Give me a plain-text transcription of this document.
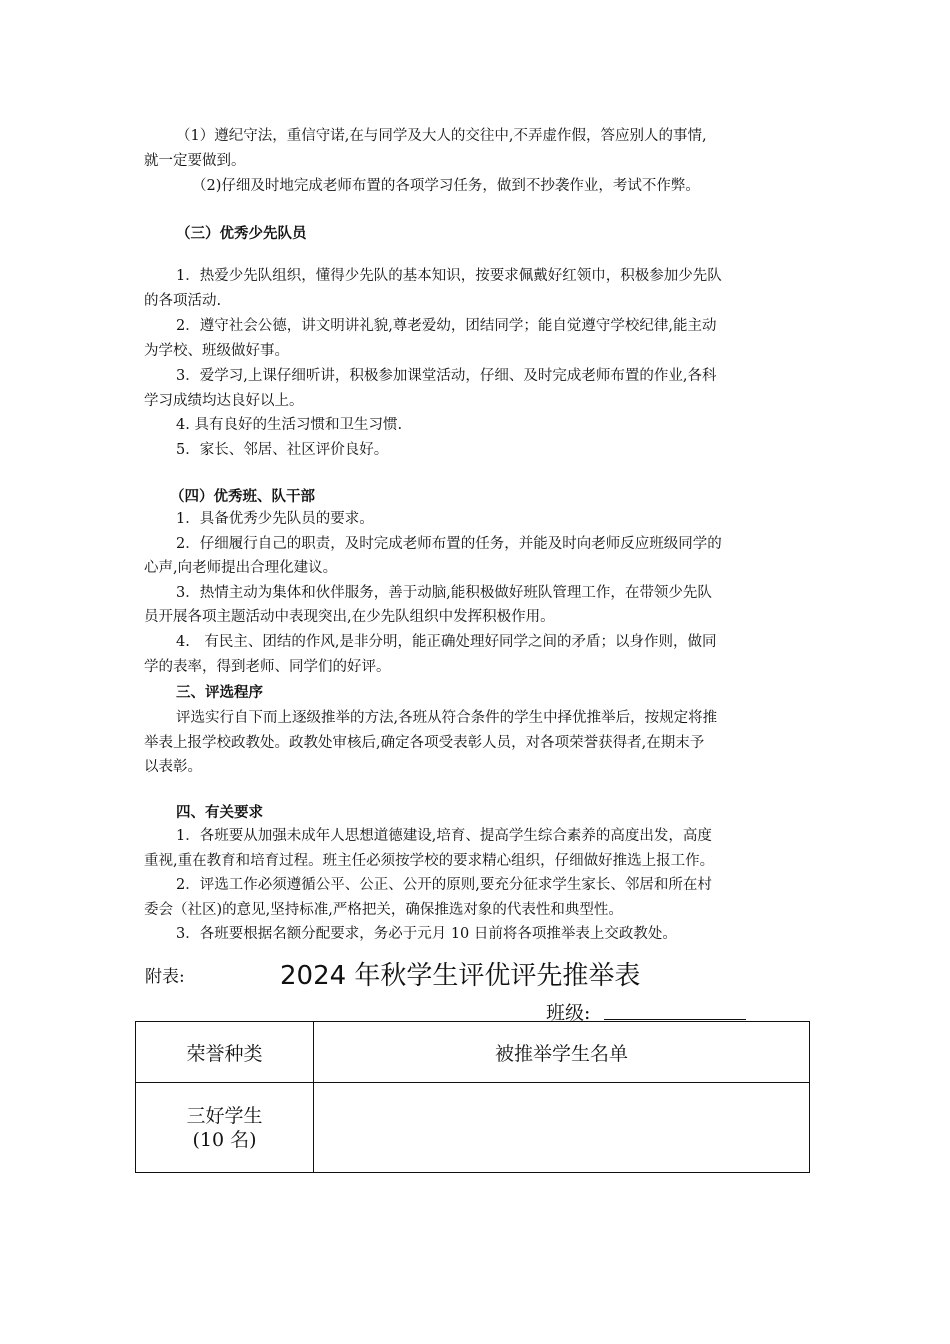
（1）遵纪守法，重信守诺,在与同学及大人的交往中,不弄虚作假，答应别人的事情,
就一定要做到。
（2)仔细及时地完成老师布置的各项学习任务，做到不抄袭作业，考试不作弊。
（三）优秀少先队员
1．热爱少先队组织，懂得少先队的基本知识，按要求佩戴好红领巾，积极参加少先队
的各项活动.
2．遵守社会公德，讲文明讲礼貌,尊老爱幼，团结同学；能自觉遵守学校纪律,能主动
为学校、班级做好事。
3．爱学习,上课仔细听讲，积极参加课堂活动，仔细、及时完成老师布置的作业,各科
学习成绩均达良好以上。
4. 具有良好的生活习惯和卫生习惯.
5．家长、邻居、社区评价良好。
（四）优秀班、队干部
1．具备优秀少先队员的要求。
2．仔细履行自己的职责，及时完成老师布置的任务，并能及时向老师反应班级同学的
心声,向老师提出合理化建议。
3．热情主动为集体和伙伴服务，善于动脑,能积极做好班队管理工作，在带领少先队
员开展各项主题活动中表现突出,在少先队组织中发挥积极作用。
4.　有民主、团结的作风,是非分明，能正确处理好同学之间的矛盾；以身作则，做同
学的表率，得到老师、同学们的好评。
三、评选程序
评选实行自下而上逐级推举的方法,各班从符合条件的学生中择优推举后，按规定将推
举表上报学校政教处。政教处审核后,确定各项受表彰人员，对各项荣誉获得者,在期末予
以表彰。
四、有关要求
1．各班要从加强未成年人思想道德建设,培育、提高学生综合素养的高度出发，高度
重视,重在教育和培育过程。班主任必须按学校的要求精心组织，仔细做好推选上报工作。
2．评选工作必须遵循公平、公正、公开的原则,要充分征求学生家长、邻居和所在村
委会（社区)的意见,坚持标准,严格把关，确保推选对象的代表性和典型性。
3．各班要根据名额分配要求，务必于元月 10 日前将各项推举表上交政教处。
附表:	2024 年秋学生评优评先推举表
班级:
荣誉种类	被推举学生名单

三好学生
(10 名)	
